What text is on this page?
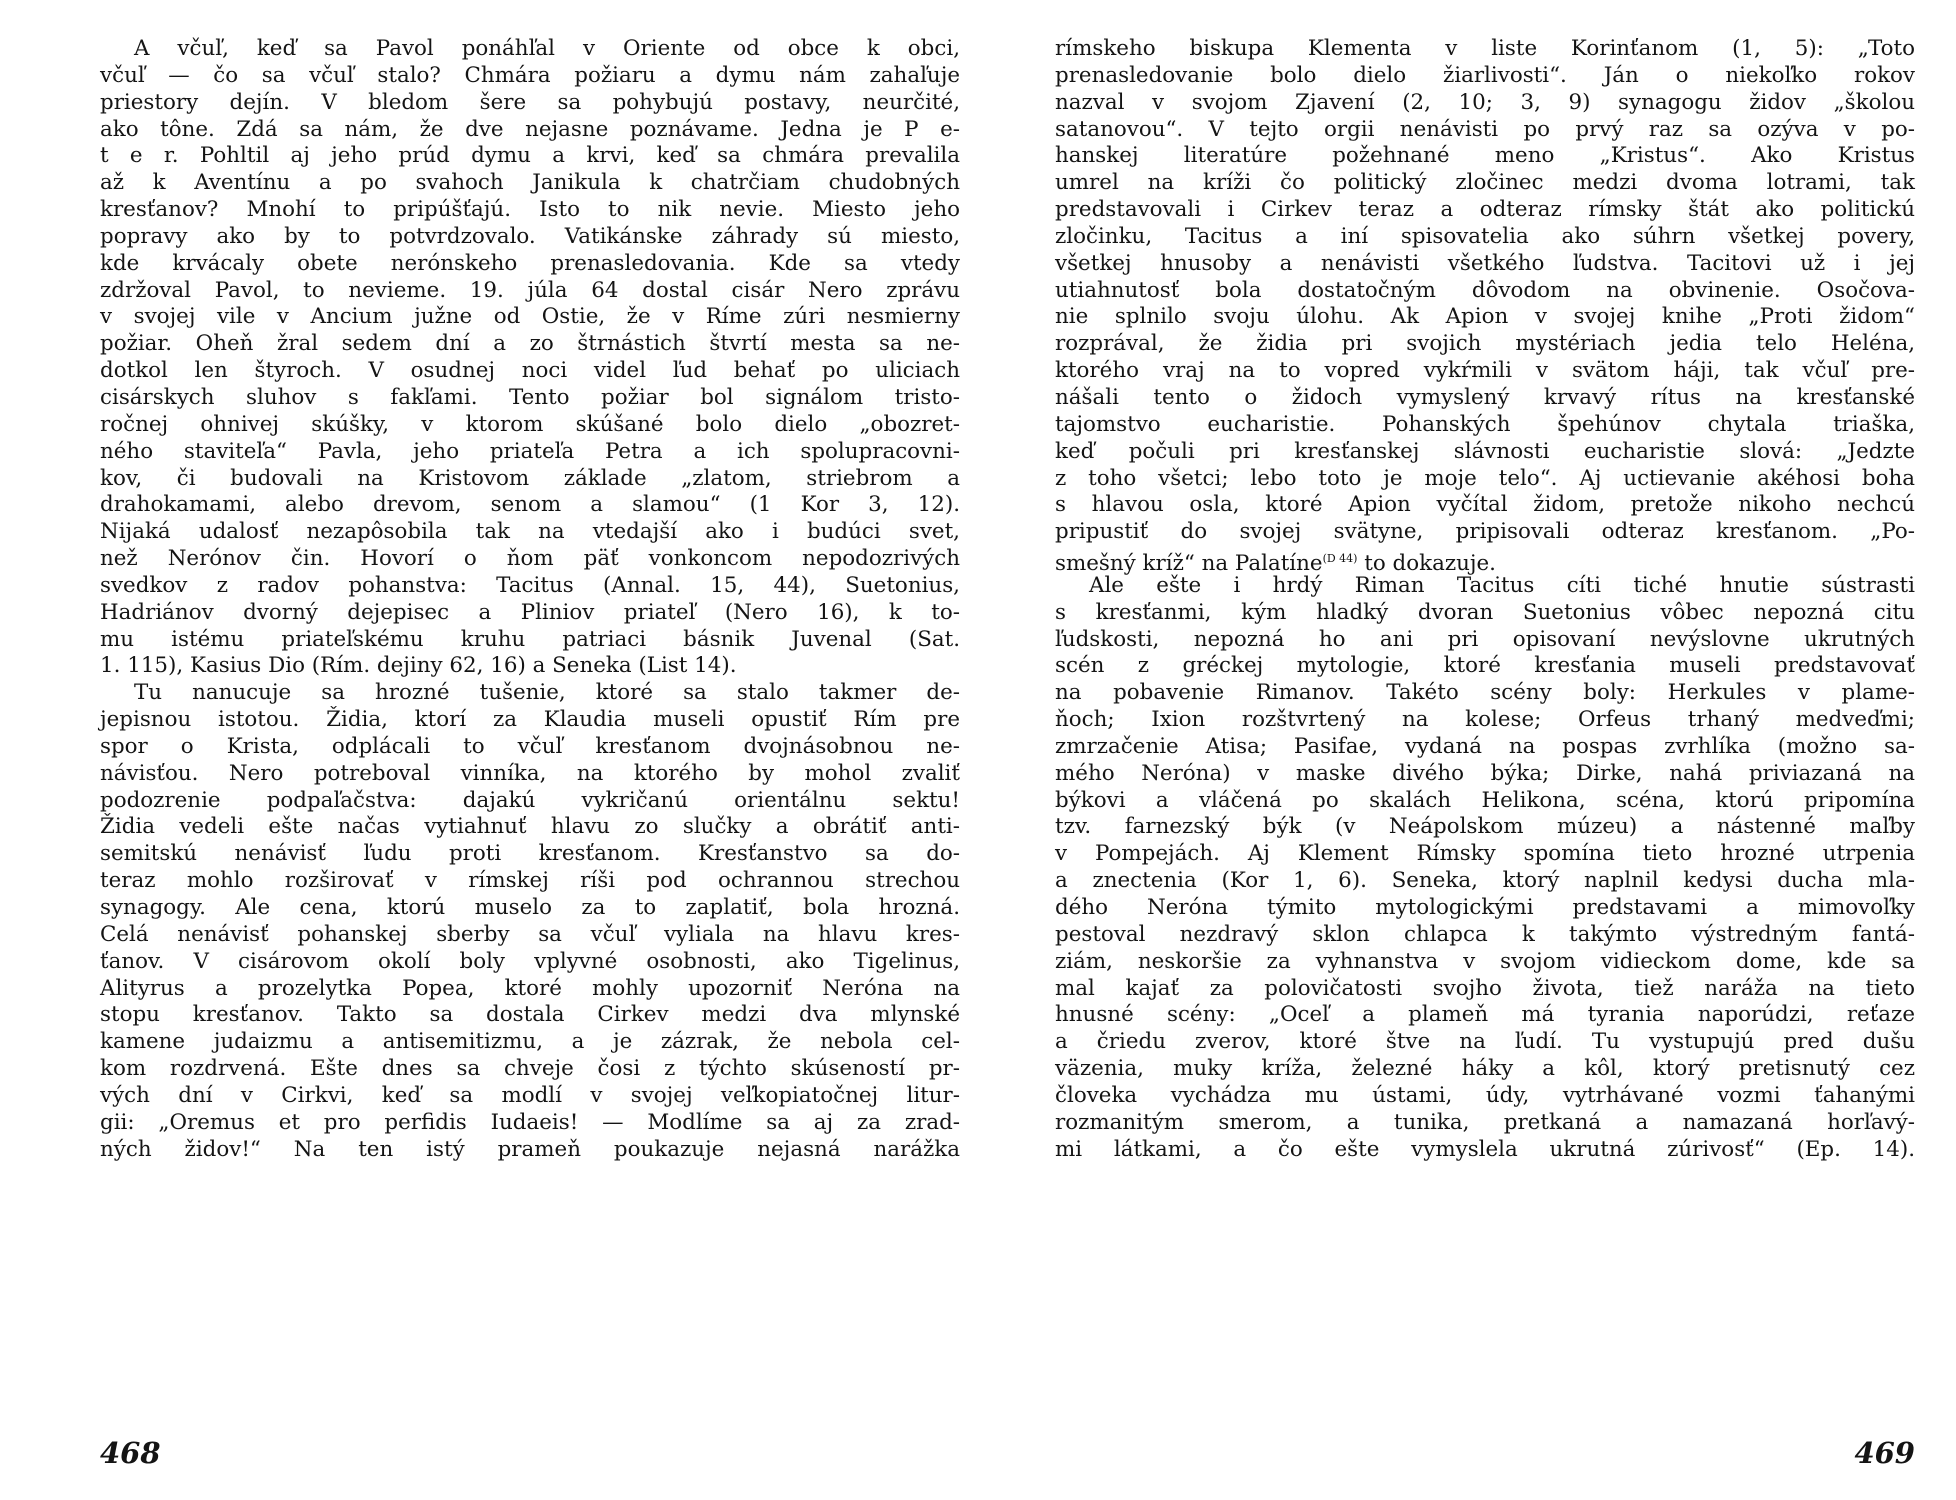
A včuľ, keď sa Pavol ponáhľal v Oriente od obce k obci,
včuľ — čo sa včuľ stalo? Chmára požiaru a dymu nám zahaľuje
priestory dejín. V bledom šere sa pohybujú postavy, neurčité,
ako tône. Zdá sa nám, že dve nejasne poznávame. Jedna je P e-
t e r. Pohltil aj jeho prúd dymu a krvi, keď sa chmára prevalila
až k Aventínu a po svahoch Janikula k chatrčiam chudobných
kresťanov? Mnohí to pripúšťajú. Isto to nik nevie. Miesto jeho
popravy ako by to potvrdzovalo. Vatikánske záhrady sú miesto,
kde krvácaly obete nerónskeho prenasledovania. Kde sa vtedy
zdržoval Pavol, to nevieme. 19. júla 64 dostal cisár Nero zprávu
v svojej vile v Ancium južne od Ostie, že v Ríme zúri nesmierny
požiar. Oheň žral sedem dní a zo štrnástich štvrtí mesta sa ne-
dotkol len štyroch. V osudnej noci videl ľud behať po uliciach
cisárskych sluhov s fakľami. Tento požiar bol signálom tristo-
ročnej ohnivej skúšky, v ktorom skúšané bolo dielo „obozret-
ného staviteľa“ Pavla, jeho priateľa Petra a ich spolupracovni-
kov, či budovali na Kristovom základe „zlatom, striebrom a
drahokamami, alebo drevom, senom a slamou“ (1 Kor 3, 12).
Nijaká udalosť nezapôsobila tak na vtedajší ako i budúci svet,
než Nerónov čin. Hovorí o ňom päť vonkoncom nepodozrivých
svedkov z radov pohanstva: Tacitus (Annal. 15, 44), Suetonius,
Hadriánov dvorný dejepisec a Pliniov priateľ (Nero 16), k to-
mu istému priateľskému kruhu patriaci básnik Juvenal (Sat.
1. 115), Kasius Dio (Rím. dejiny 62, 16) a Seneka (List 14).
Tu nanucuje sa hrozné tušenie, ktoré sa stalo takmer de-
jepisnou istotou. Židia, ktorí za Klaudia museli opustiť Rím pre
spor o Krista, odplácali to včuľ kresťanom dvojnásobnou ne-
návisťou. Nero potreboval vinníka, na ktorého by mohol zvaliť
podozrenie podpaľačstva: dajakú vykričanú orientálnu sektu!
Židia vedeli ešte načas vytiahnuť hlavu zo slučky a obrátiť anti-
semitskú nenávisť ľudu proti kresťanom. Kresťanstvo sa do-
teraz mohlo rozširovať v rímskej ríši pod ochrannou strechou
synagogy. Ale cena, ktorú muselo za to zaplatiť, bola hrozná.
Celá nenávisť pohanskej sberby sa včuľ vyliala na hlavu kres-
ťanov. V cisárovom okolí boly vplyvné osobnosti, ako Tigelinus,
Alityrus a prozelytka Popea, ktoré mohly upozorniť Nerónа na
stopu kresťanov. Takto sa dostala Cirkev medzi dva mlynské
kamene judaizmu a antisemitizmu, a je zázrak, že nebola cel-
kom rozdrvená. Ešte dnes sa chveje čosi z týchto skúseností pr-
vých dní v Cirkvi, keď sa modlí v svojej veľkopiatočnej litur-
gii: „Oremus et pro perfidis Iudaeis! — Modlíme sa aj za zrad-
ných židov!“ Na ten istý prameň poukazuje nejasná narážka
468
rímskeho biskupa Klementa v liste Korinťanom (1, 5): „Toto
prenasledovanie bolo dielo žiarlivosti“. Ján o niekoľko rokov
nazval v svojom Zjavení (2, 10; 3, 9) synagogu židov „školou
satanovou“. V tejto orgii nenávisti po prvý raz sa ozýva v po-
hanskej literatúre požehnané meno „Kristus“. Ako Kristus
umrel na kríži čo politický zločinec medzi dvoma lotrami, tak
predstavovali i Cirkev teraz a odteraz rímsky štát ako politickú
zločinku, Tacitus a iní spisovatelia ako súhrn všetkej povery,
všetkej hnusoby a nenávisti všetkého ľudstva. Tacitovi už i jej
utiahnutosť bola dostatočným dôvodom na obvinenie. Osočova-
nie splnilo svoju úlohu. Ak Apion v svojej knihe „Proti židom“
rozprával, že židia pri svojich mystériach jedia telo Heléna,
ktorého vraj na to vopred vykŕmili v svätom háji, tak včuľ pre-
nášali tento o židoch vymyslený krvavý rítus na kresťanské
tajomstvo eucharistie. Pohanských špehúnov chytala triaška,
keď počuli pri kresťanskej slávnosti eucharistie slová: „Jedzte
z toho všetci; lebo toto je moje telo“. Aj uctievanie akéhosi boha
s hlavou osla, ktoré Apion vyčítal židom, pretože nikoho nechcú
pripustiť do svojej svätyne, pripisovali odteraz kresťanom. „Po-
smešný kríž“ na Palatíne$^{(D 44)}$ to dokazuje.
Ale ešte i hrdý Riman Tacitus cíti tiché hnutie sústrasti
s kresťanmi, kým hladký dvoran Suetonius vôbec nepozná citu
ľudskosti, nepozná ho ani pri opisovaní nevýslovne ukrutných
scén z gréckej mytologie, ktoré kresťania museli predstavovať
na pobavenie Rimanov. Takéto scény boly: Herkules v plame-
ňoch; Ixion rozštvrtený na kolese; Orfeus trhaný medveďmi;
zmrzačenie Atisa; Pasifae, vydaná na pospas zvrhlíka (možno sa-
mého Nerónа) v maske divého býka; Dirke, nahá priviazaná na
býkovi a vláčená po skalách Helikona, scéna, ktorú pripomína
tzv. farnezský býk (v Neápolskom múzeu) a nástenné maľby
v Pompejách. Aj Klement Rímsky spomína tieto hrozné utrpenia
a znectenia (Kor 1, 6). Seneka, ktorý naplnil kedysi ducha mla-
dého Nerónа týmito mytologickými predstavami a mimovoľky
pestoval nezdravý sklon chlapca k takýmto výstredným fantá-
ziám, neskoršie za vyhnanstva v svojom vidieckom dome, kde sa
mal kajať za polovičatosti svojho života, tiež naráža na tieto
hnusné scény: „Oceľ a plameň má tyrania naporúdzi, reťaze
a čriedu zverov, ktoré štve na ľudí. Tu vystupujú pred dušu
väzenia, muky kríža, železné háky a kôl, ktorý pretisnutý cez
človeka vychádza mu ústami, údy, vytrhávané vozmi ťahanými
rozmanitým smerom, a tunika, pretkaná a namazaná horľavý-
mi látkami, a čo ešte vymyslela ukrutná zúrivosť“ (Ep. 14).
469
